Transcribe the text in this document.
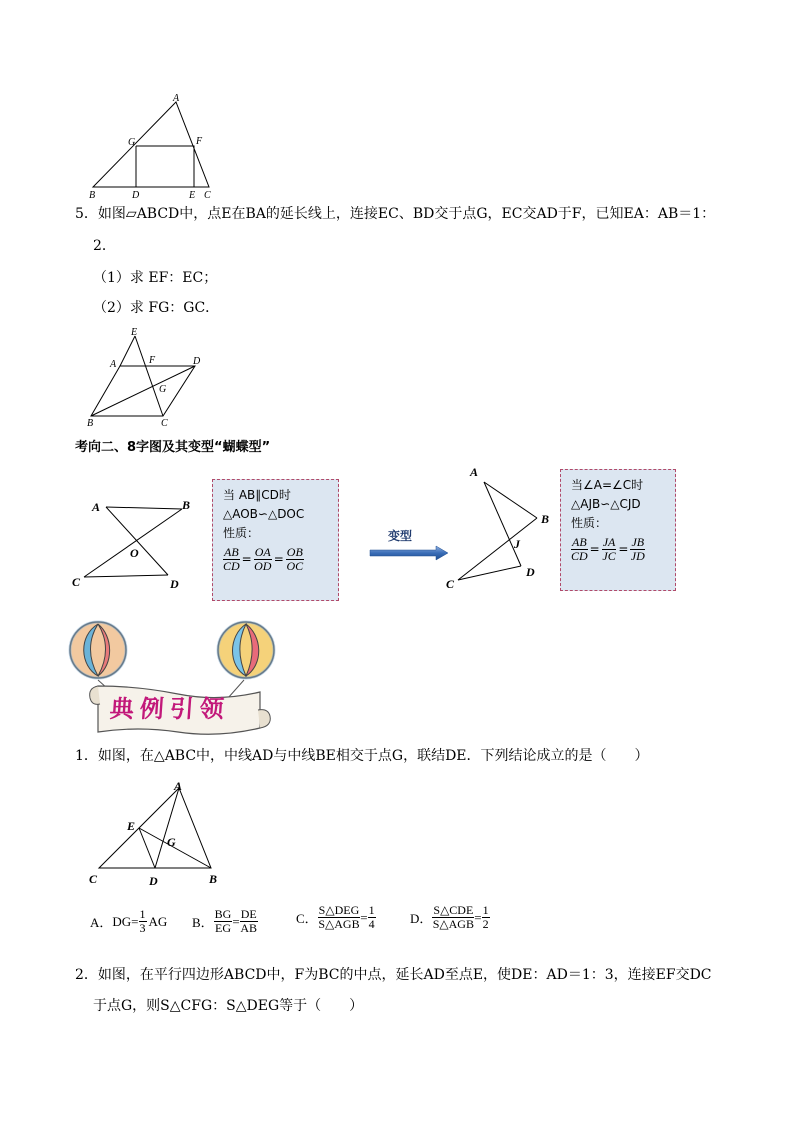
A
G	F
B	D	E C
5．如图▱ABCD中，点E在BA的延长线上，连接EC、BD交于点G，EC交AD于F，已知EA：AB＝1：
2．
（1）求 EF：EC；
（2）求 FG：GC．
E
A	F	D
G
B	C
考向二、8字图及其变型“蝴蝶型”
A	B
O
C	D
当 AB∥CD时
△AOB∽△DOC
性质：
$\frac{AB}{CD} = \frac{OA}{OD} = \frac{OB}{OC}$
变型
A
B
J
C
D
当∠A=∠C时
△AJB∽△CJD
性质：
$\frac{AB}{CD} = \frac{JA}{JC} = \frac{JB}{JD}$
典例引领
1．如图，在△ABC中，中线AD与中线BE相交于点G，联结DE．下列结论成立的是（　　）
A
E
G
C	D	B
A． $DG= \frac{1}{3}$ AG B． $\frac{BG}{EG} = \frac{DE}{AB}$	C． $\frac{\text{S△DEG}}{\text{S△AGB}} = \frac{1}{4}$	D． $\frac{\text{S△CDE}}{\text{S△AGB}} = \frac{1}{2}$
2．如图，在平行四边形ABCD中，F为BC的中点，延长AD至点E，使DE：AD＝1：3，连接EF交DC
于点G，则S△CFG：S△DEG等于（　　）
